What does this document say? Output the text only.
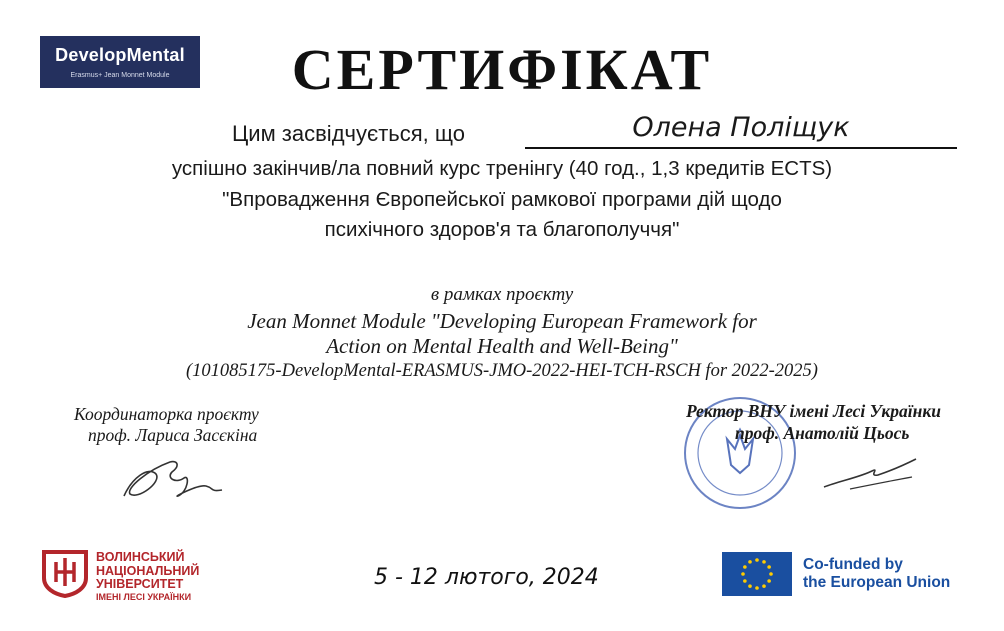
DevelopMental
Erasmus+ Jean Monnet Module	СЕРТИФІКАТ
Цим засвідчується, що	Олена Поліщук
успішно закінчив/ла повний курс тренінгу (40 год., 1,3 кредитів ECTS)
"Впровадження Європейської рамкової програми дій щодо
психічного здоров'я та благополуччя"
в рамках проєкту
Jean Monnet Module "Developing European Framework for
Action on Mental Health and Well-Being"
(101085175-DevelopMental-ERASMUS-JMO-2022-HEI-TCH-RSCH for 2022-2025)
Координаторка проєкту
проф. Лариса Засєкіна
Ректор ВНУ імені Лесі Українки
проф. Анатолій Цьось
ВОЛИНСЬКИЙ
НАЦІОНАЛЬНИЙ
УНІВЕРСИТЕТ
ІМЕНІ ЛЕСІ УКРАЇНКИ
5 - 12 лютого, 2024
Co-funded by
the European Union
